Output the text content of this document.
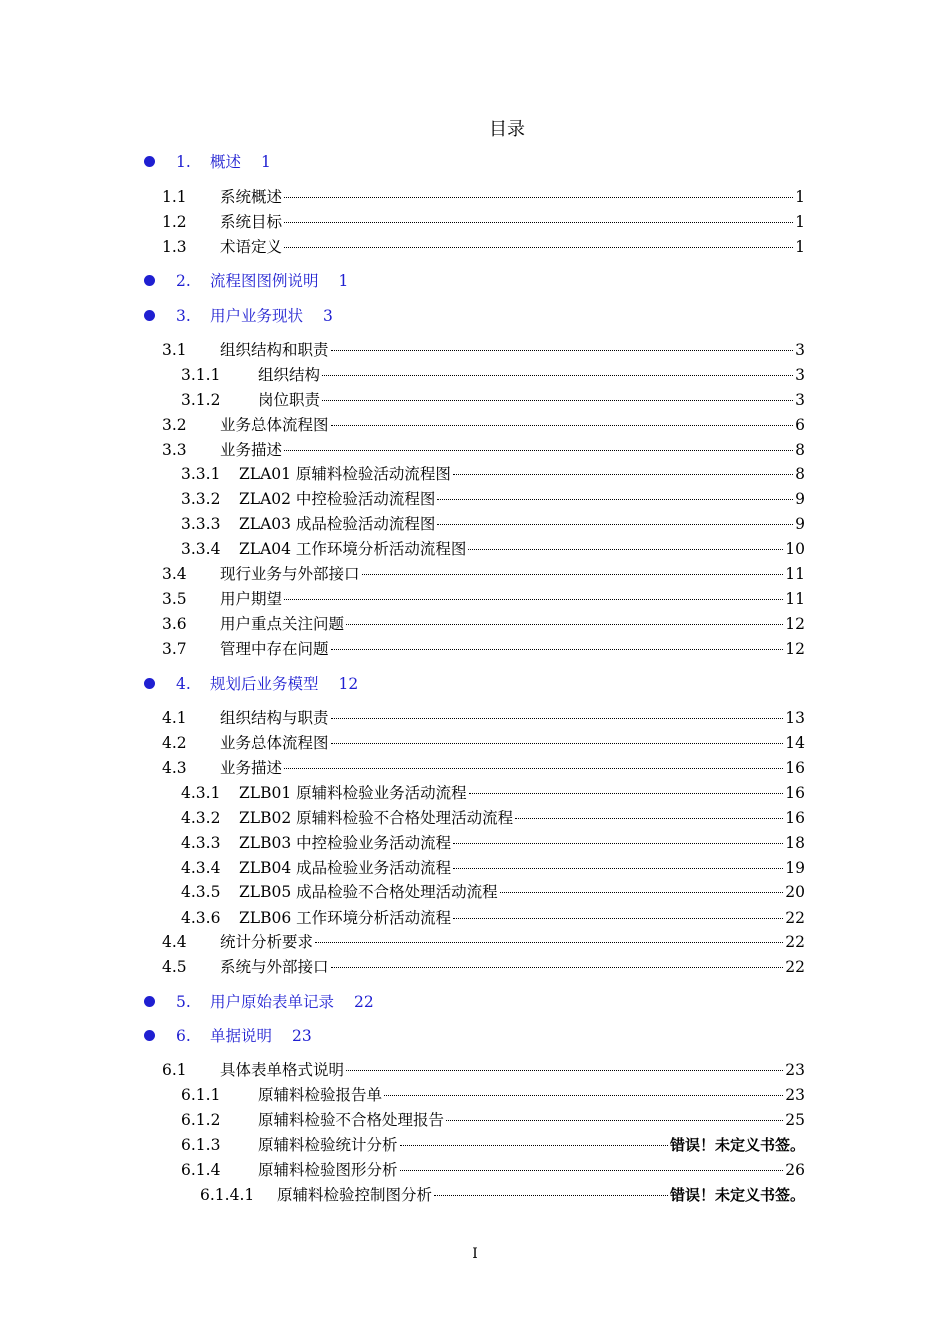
目录
1. 概述 1
1.1 系统概述	1
1.2 系统目标	1
1.3 术语定义	1
2. 流程图图例说明 1
3. 用户业务现状 3
3.1 组织结构和职责	3
3.1.1 组织结构	3
3.1.2 岗位职责	3
3.2 业务总体流程图	6
3.3 业务描述	8
3.3.1 ZLA01 原辅料检验活动流程图	8
3.3.2 ZLA02 中控检验活动流程图	9
3.3.3 ZLA03 成品检验活动流程图	9
3.3.4 ZLA04 工作环境分析活动流程图	10
3.4 现行业务与外部接口	11
3.5 用户期望	11
3.6 用户重点关注问题	12
3.7 管理中存在问题	12
4. 规划后业务模型 12
4.1 组织结构与职责	13
4.2 业务总体流程图	14
4.3 业务描述	16
4.3.1 ZLB01 原辅料检验业务活动流程	16
4.3.2 ZLB02 原辅料检验不合格处理活动流程	16
4.3.3 ZLB03 中控检验业务活动流程	18
4.3.4 ZLB04 成品检验业务活动流程	19
4.3.5 ZLB05 成品检验不合格处理活动流程	20
4.3.6 ZLB06 工作环境分析活动流程	22
4.4 统计分析要求	22
4.5 系统与外部接口	22
5. 用户原始表单记录 22
6. 单据说明 23
6.1 具体表单格式说明	23
6.1.1 原辅料检验报告单	23
6.1.2 原辅料检验不合格处理报告	25
6.1.3 原辅料检验统计分析	错误！未定义书签。
6.1.4 原辅料检验图形分析	26
6.1.4.1 原辅料检验控制图分析	错误！未定义书签。
I
